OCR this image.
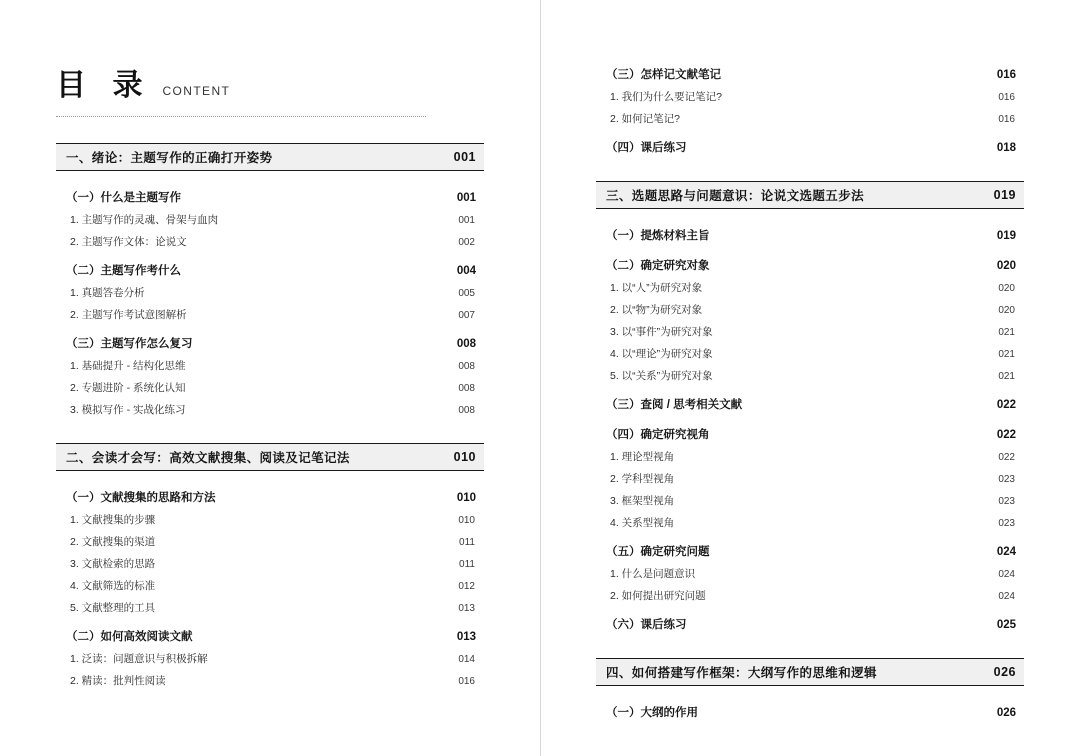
目 录 CONTENT
一、绪论：主题写作的正确打开姿势	001
（一）什么是主题写作	001
1. 主题写作的灵魂、骨架与血肉	001
2. 主题写作文体：论说文	002
（二）主题写作考什么	004
1. 真题答卷分析	005
2. 主题写作考试意图解析	007
（三）主题写作怎么复习	008
1. 基础提升 - 结构化思维	008
2. 专题进阶 - 系统化认知	008
3. 模拟写作 - 实战化练习	008
二、会读才会写：高效文献搜集、阅读及记笔记法	010
（一）文献搜集的思路和方法	010
1. 文献搜集的步骤	010
2. 文献搜集的渠道	011
3. 文献检索的思路	011
4. 文献筛选的标准	012
5. 文献整理的工具	013
（二）如何高效阅读文献	013
1. 泛读：问题意识与积极拆解	014
2. 精读：批判性阅读	016
（三）怎样记文献笔记	016
1. 我们为什么要记笔记?	016
2. 如何记笔记?	016
（四）课后练习	018
三、选题思路与问题意识：论说文选题五步法	019
（一）提炼材料主旨	019
（二）确定研究对象	020
1. 以“人”为研究对象	020
2. 以“物”为研究对象	020
3. 以“事件”为研究对象	021
4. 以“理论”为研究对象	021
5. 以“关系”为研究对象	021
（三）查阅 / 思考相关文献	022
（四）确定研究视角	022
1. 理论型视角	022
2. 学科型视角	023
3. 框架型视角	023
4. 关系型视角	023
（五）确定研究问题	024
1. 什么是问题意识	024
2. 如何提出研究问题	024
（六）课后练习	025
四、如何搭建写作框架：大纲写作的思维和逻辑	026
（一）大纲的作用	026
